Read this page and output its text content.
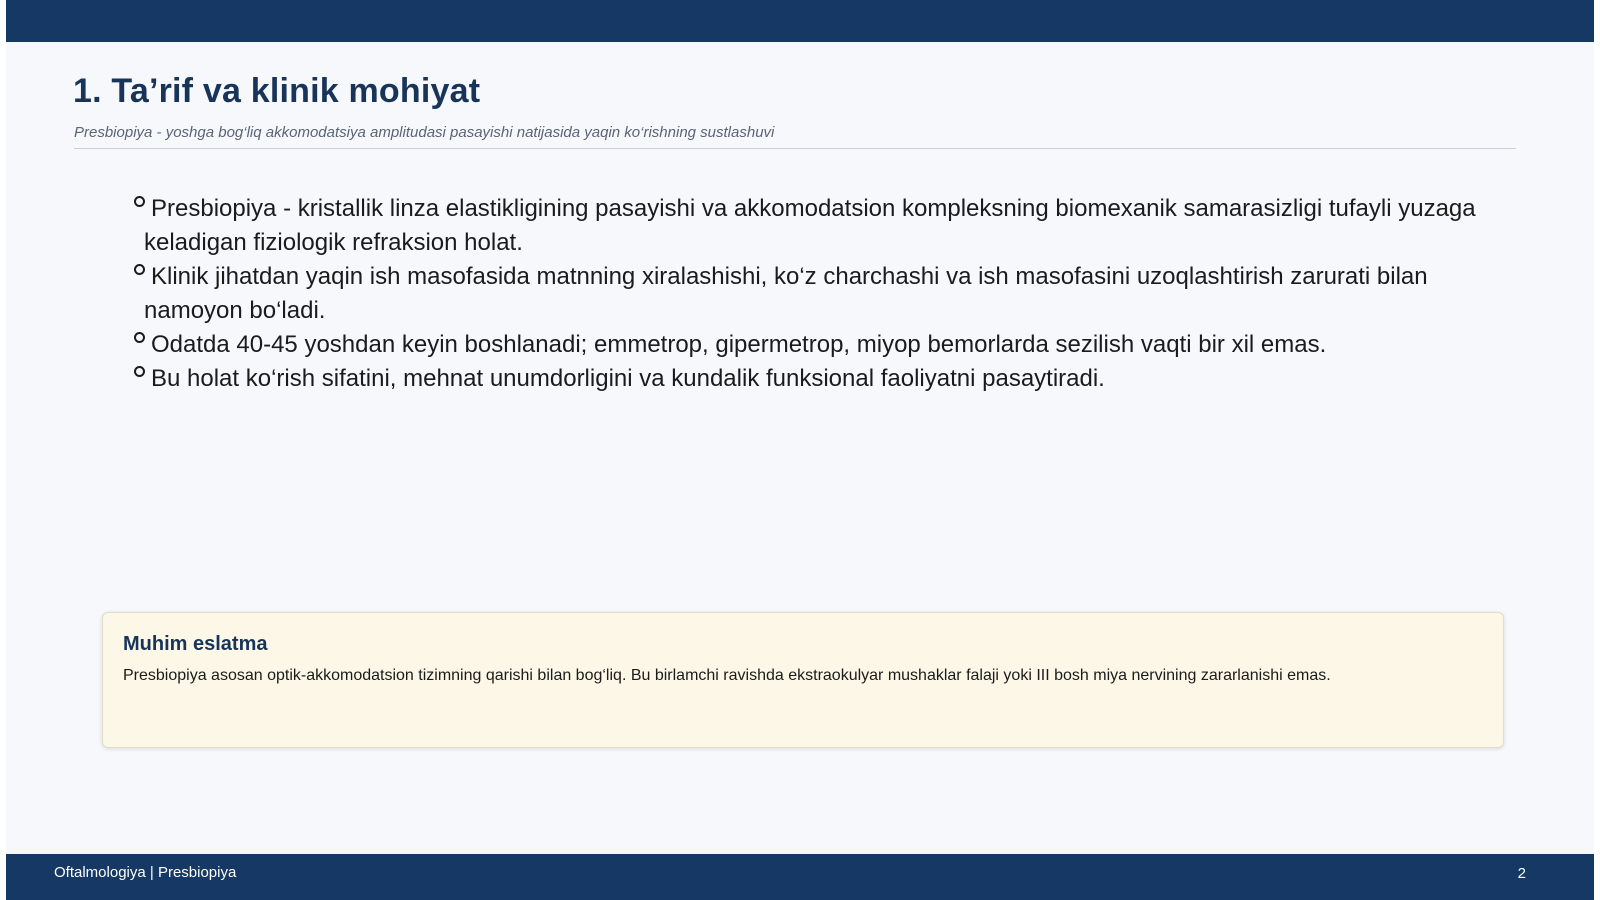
1. Ta’rif va klinik mohiyat
Presbiopiya - yoshga bog‘liq akkomodatsiya amplitudasi pasayishi natijasida yaqin ko‘rishning sustlashuvi
Presbiopiya - kristallik linza elastikligining pasayishi va akkomodatsion kompleksning biomexanik samarasizligi tufayli yuzaga keladigan fiziologik refraksion holat.
Klinik jihatdan yaqin ish masofasida matnning xiralashishi, ko‘z charchashi va ish masofasini uzoqlashtirish zarurati bilan namoyon bo‘ladi.
Odatda 40-45 yoshdan keyin boshlanadi; emmetrop, gipermetrop, miyop bemorlarda sezilish vaqti bir xil emas.
Bu holat ko‘rish sifatini, mehnat unumdorligini va kundalik funksional faoliyatni pasaytiradi.
Muhim eslatma

Presbiopiya asosan optik-akkomodatsion tizimning qarishi bilan bog‘liq. Bu birlamchi ravishda ekstraokulyar mushaklar falaji yoki III bosh miya nervining zararlanishi emas.

Oftalmologiya | Presbiopiya	2
